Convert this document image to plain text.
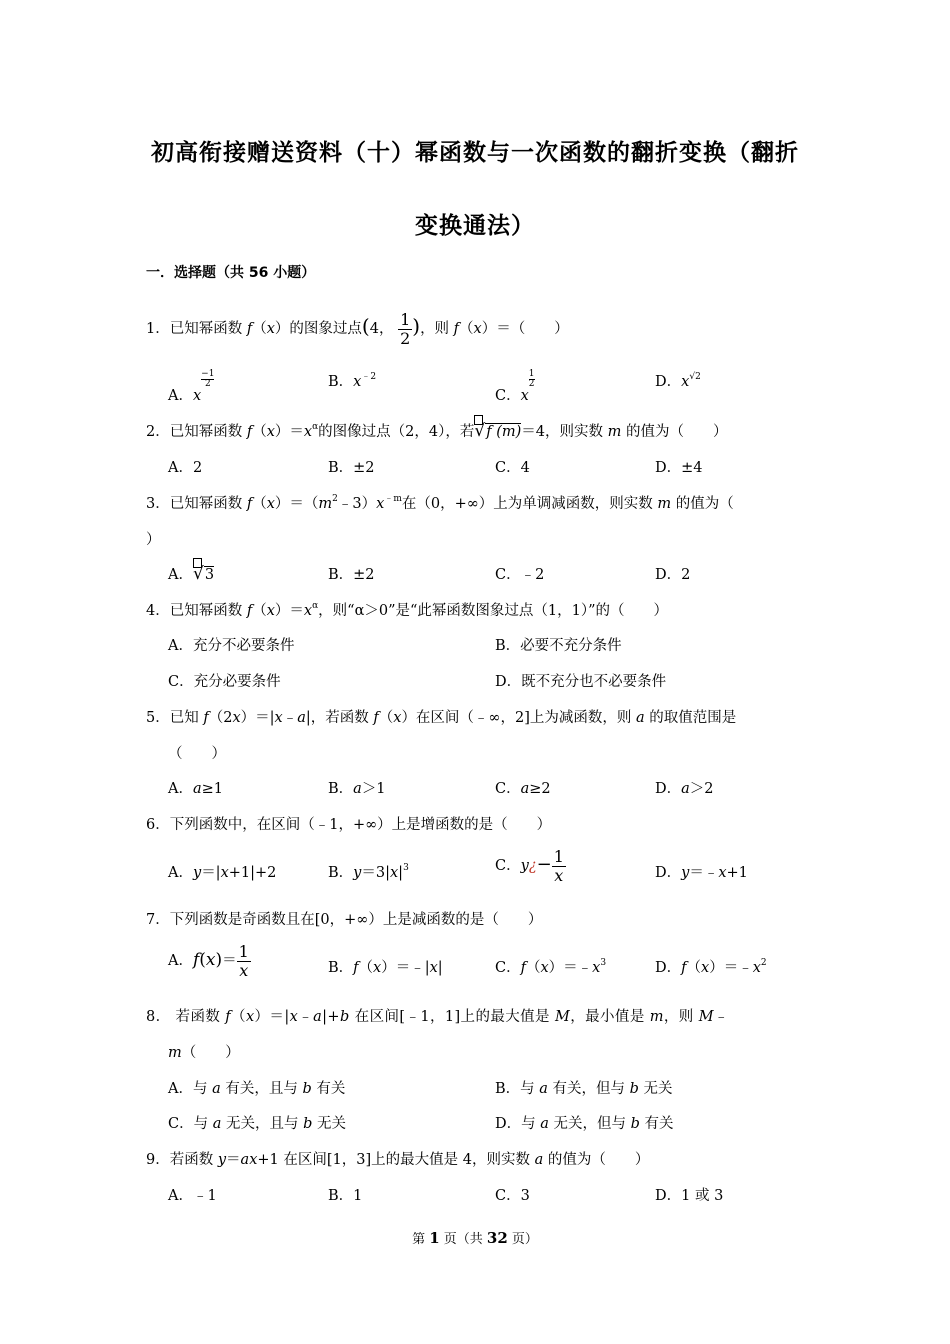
初高衔接赠送资料（十）幂函数与一次函数的翻折变换（翻折
变换通法）
一．选择题（共 56 小题）
1．已知幂函数 f（x）的图象过点(4， $\frac{1}{2}$ )，则 f（x）＝（　　）
A．x
$\frac{-1}{2}$	B．$x^{﹣2}$
C．x
$\frac{1}{2}$	D．$x^{√2}$
2．已知幂函数 $f(x)=x^\alpha$的图像过点（2，4），若
√f (m)＝4，则实数 m 的值为（　　）
A．2	B．±2	C．4	D．±4
3．已知幂函数 $f(x)=(m^2﹣3)x^{﹣m}$在（0，+∞）上为单调减函数，则实数 m 的值为（
）
A．
√3	B．±2	C．﹣2	D．2
4．已知幂函数 $f(x)=x^\alpha$，则“α＞0”是“此幂函数图象过点（1，1）”的（　　）
A．充分不必要条件	B．必要不充分条件
C．充分必要条件	D．既不充分也不必要条件
5．已知 f（2x）＝|x﹣a|，若函数 f（x）在区间（﹣∞，2]上为减函数，则 a 的取值范围是
（　　）
A．a≥1	B．a＞1	C．a≥2	D．a＞2
6．下列函数中，在区间（﹣1，+∞）上是增函数的是（　　）
A．y＝|x+1|+2	B．$y=3|x|^3$	C．y¿− $\frac{1}{x}$	D．y＝﹣x+1
7．下列函数是奇函数且在[0，+∞）上是减函数的是（　　）
A．$f(x)= \frac{1}{x}$	B．f（x）＝﹣|x|	C．$f(x)=﹣x^3$	D．$f(x)=﹣x^2$
8． 若函数 f（x）＝|x﹣a|+b 在区间[﹣1，1]上的最大值是 M，最小值是 m，则 M﹣
m（　　）
A．与 a 有关，且与 b 有关	B．与 a 有关，但与 b 无关
C．与 a 无关，且与 b 无关	D．与 a 无关，但与 b 有关
9．若函数 y＝ax+1 在区间[1，3]上的最大值是 4，则实数 a 的值为（　　）
A．﹣1	B．1	C．3	D．1 或 3
第 1 页（共 32 页）
